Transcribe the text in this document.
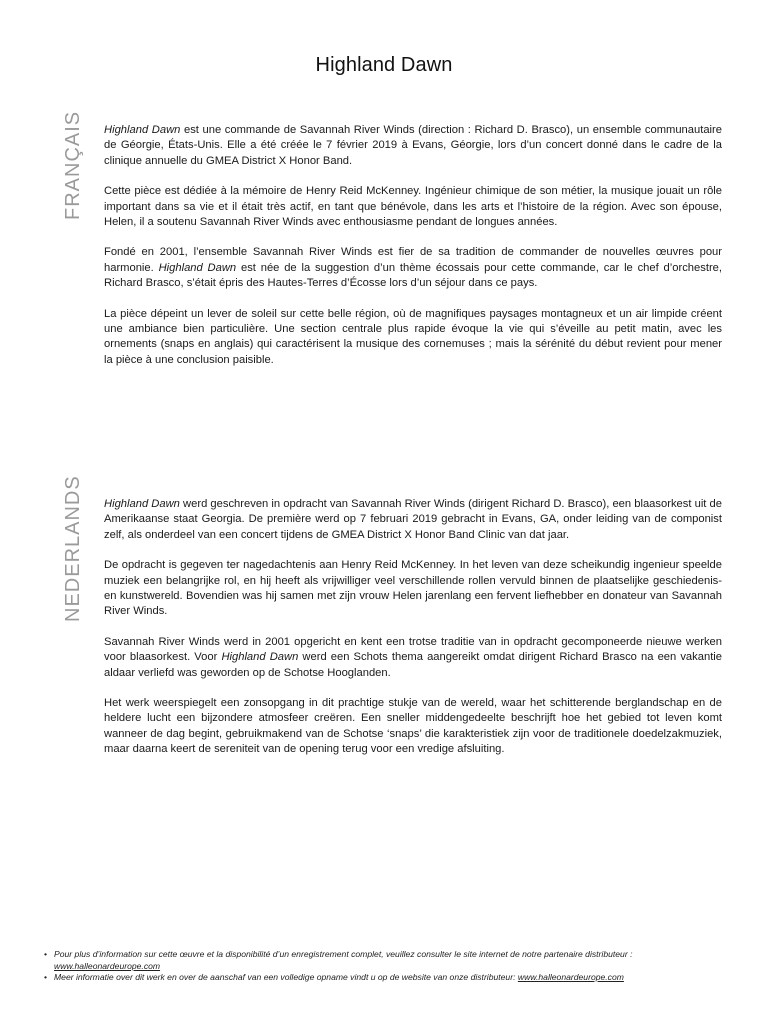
Highland Dawn
FRANÇAIS Highland Dawn est une commande de Savannah River Winds (direction : Richard D. Brasco), un ensemble communautaire de Géorgie, États-Unis. Elle a été créée le 7 février 2019 à Evans, Géorgie, lors d’un concert donné dans le cadre de la clinique annuelle du GMEA District X Honor Band.

Cette pièce est dédiée à la mémoire de Henry Reid McKenney. Ingénieur chimique de son métier, la musique jouait un rôle important dans sa vie et il était très actif, en tant que bénévole, dans les arts et l’histoire de la région. Avec son épouse, Helen, il a soutenu Savannah River Winds avec enthousiasme pendant de longues années.

Fondé en 2001, l’ensemble Savannah River Winds est fier de sa tradition de commander de nouvelles œuvres pour harmonie. Highland Dawn est née de la suggestion d’un thème écossais pour cette commande, car le chef d’orchestre, Richard Brasco, s’était épris des Hautes-Terres d’Écosse lors d’un séjour dans ce pays.

La pièce dépeint un lever de soleil sur cette belle région, où de magnifiques paysages montagneux et un air limpide créent une ambiance bien particulière. Une section centrale plus rapide évoque la vie qui s’éveille au petit matin, avec les ornements (snaps en anglais) qui caractérisent la musique des cornemuses ; mais la sérénité du début revient pour mener la pièce à une conclusion paisible.

NEDERLANDS Highland Dawn werd geschreven in opdracht van Savannah River Winds (dirigent Richard D. Brasco), een blaasorkest uit de Amerikaanse staat Georgia. De première werd op 7 februari 2019 gebracht in Evans, GA, onder leiding van de componist zelf, als onderdeel van een concert tijdens de GMEA District X Honor Band Clinic van dat jaar.

De opdracht is gegeven ter nagedachtenis aan Henry Reid McKenney. In het leven van deze scheikundig ingenieur speelde muziek een belangrijke rol, en hij heeft als vrijwilliger veel verschillende rollen vervuld binnen de plaatselijke geschiedenis- en kunstwereld. Bovendien was hij samen met zijn vrouw Helen jarenlang een fervent liefhebber en donateur van Savannah River Winds.

Savannah River Winds werd in 2001 opgericht en kent een trotse traditie van in opdracht gecomponeerde nieuwe werken voor blaasorkest. Voor Highland Dawn werd een Schots thema aangereikt omdat dirigent Richard Brasco na een vakantie aldaar verliefd was geworden op de Schotse Hooglanden.

Het werk weerspiegelt een zonsopgang in dit prachtige stukje van de wereld, waar het schitterende berglandschap en de heldere lucht een bijzondere atmosfeer creëren. Een sneller middengedeelte beschrijft hoe het gebied tot leven komt wanneer de dag begint, gebruikmakend van de Schotse ‘snaps’ die karakteristiek zijn voor de traditionele doedelzakmuziek, maar daarna keert de sereniteit van de opening terug voor een vredige afsluiting.

• Pour plus d’information sur cette œuvre et la disponibilité d’un enregistrement complet, veuillez consulter le site internet de notre partenaire distributeur :
www.halleonardeurope.com
• Meer informatie over dit werk en over de aanschaf van een volledige opname vindt u op de website van onze distributeur: www.halleonardeurope.com
